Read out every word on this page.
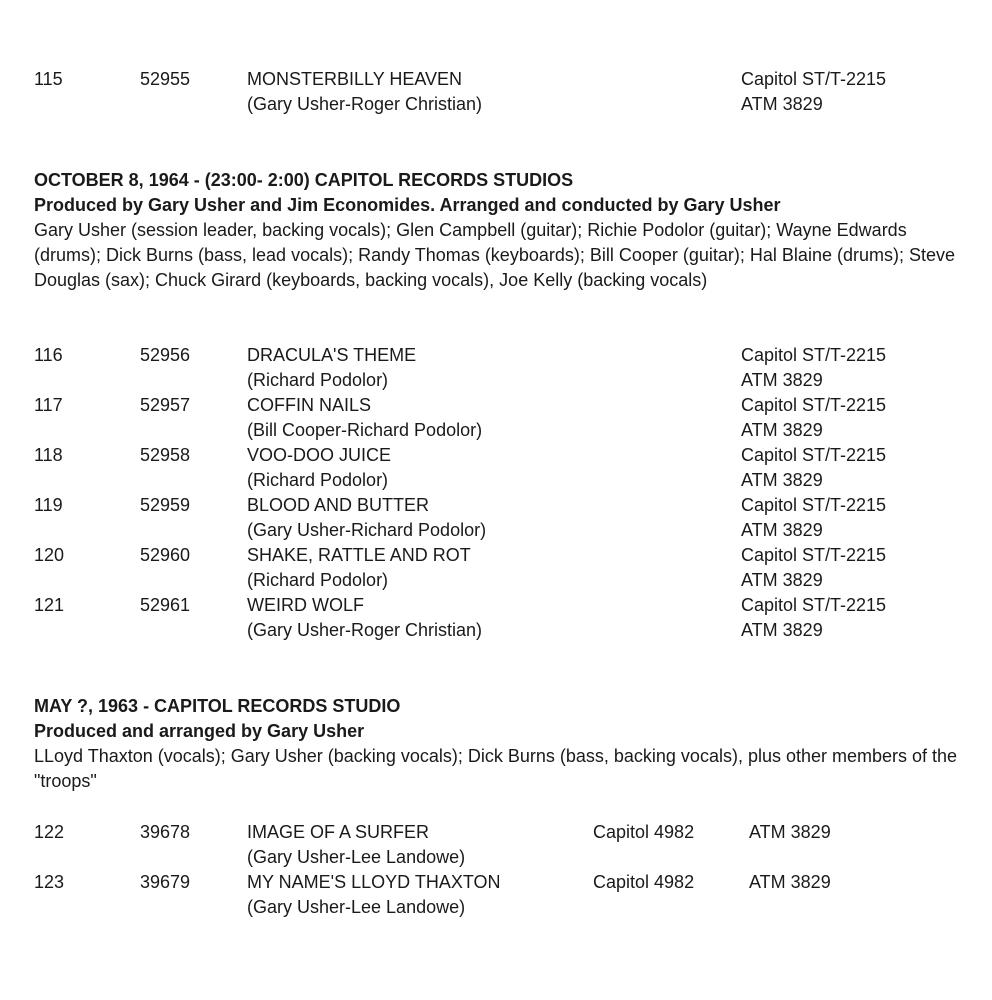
115	52955	MONSTERBILLY HEAVEN	Capitol ST/T-2215
(Gary Usher-Roger Christian)	ATM 3829
OCTOBER 8, 1964 - (23:00- 2:00) CAPITOL RECORDS STUDIOS
Produced by Gary Usher and Jim Economides. Arranged and conducted by Gary Usher
Gary Usher (session leader, backing vocals); Glen Campbell (guitar); Richie Podolor (guitar); Wayne Edwards (drums); Dick Burns (bass, lead vocals); Randy Thomas (keyboards); Bill Cooper (guitar); Hal Blaine (drums); Steve Douglas (sax); Chuck Girard (keyboards, backing vocals), Joe Kelly (backing vocals)
116	52956	DRACULA'S THEME	Capitol ST/T-2215
(Richard Podolor)	ATM 3829
117	52957	COFFIN NAILS	Capitol ST/T-2215
(Bill Cooper-Richard Podolor)	ATM 3829
118	52958	VOO-DOO JUICE	Capitol ST/T-2215
(Richard Podolor)	ATM 3829
119	52959	BLOOD AND BUTTER	Capitol ST/T-2215
(Gary Usher-Richard Podolor)	ATM 3829
120	52960	SHAKE, RATTLE AND ROT	Capitol ST/T-2215
(Richard Podolor)	ATM 3829
121	52961	WEIRD WOLF	Capitol ST/T-2215
(Gary Usher-Roger Christian)	ATM 3829
MAY ?, 1963 - CAPITOL RECORDS STUDIO
Produced and arranged by Gary Usher
LLoyd Thaxton (vocals); Gary Usher (backing vocals); Dick Burns (bass, backing vocals), plus other members of the "troops"
122	39678	IMAGE OF A SURFER	Capitol 4982	ATM 3829
(Gary Usher-Lee Landowe)
123	39679	MY NAME'S LLOYD THAXTON	Capitol 4982	ATM 3829
(Gary Usher-Lee Landowe)
